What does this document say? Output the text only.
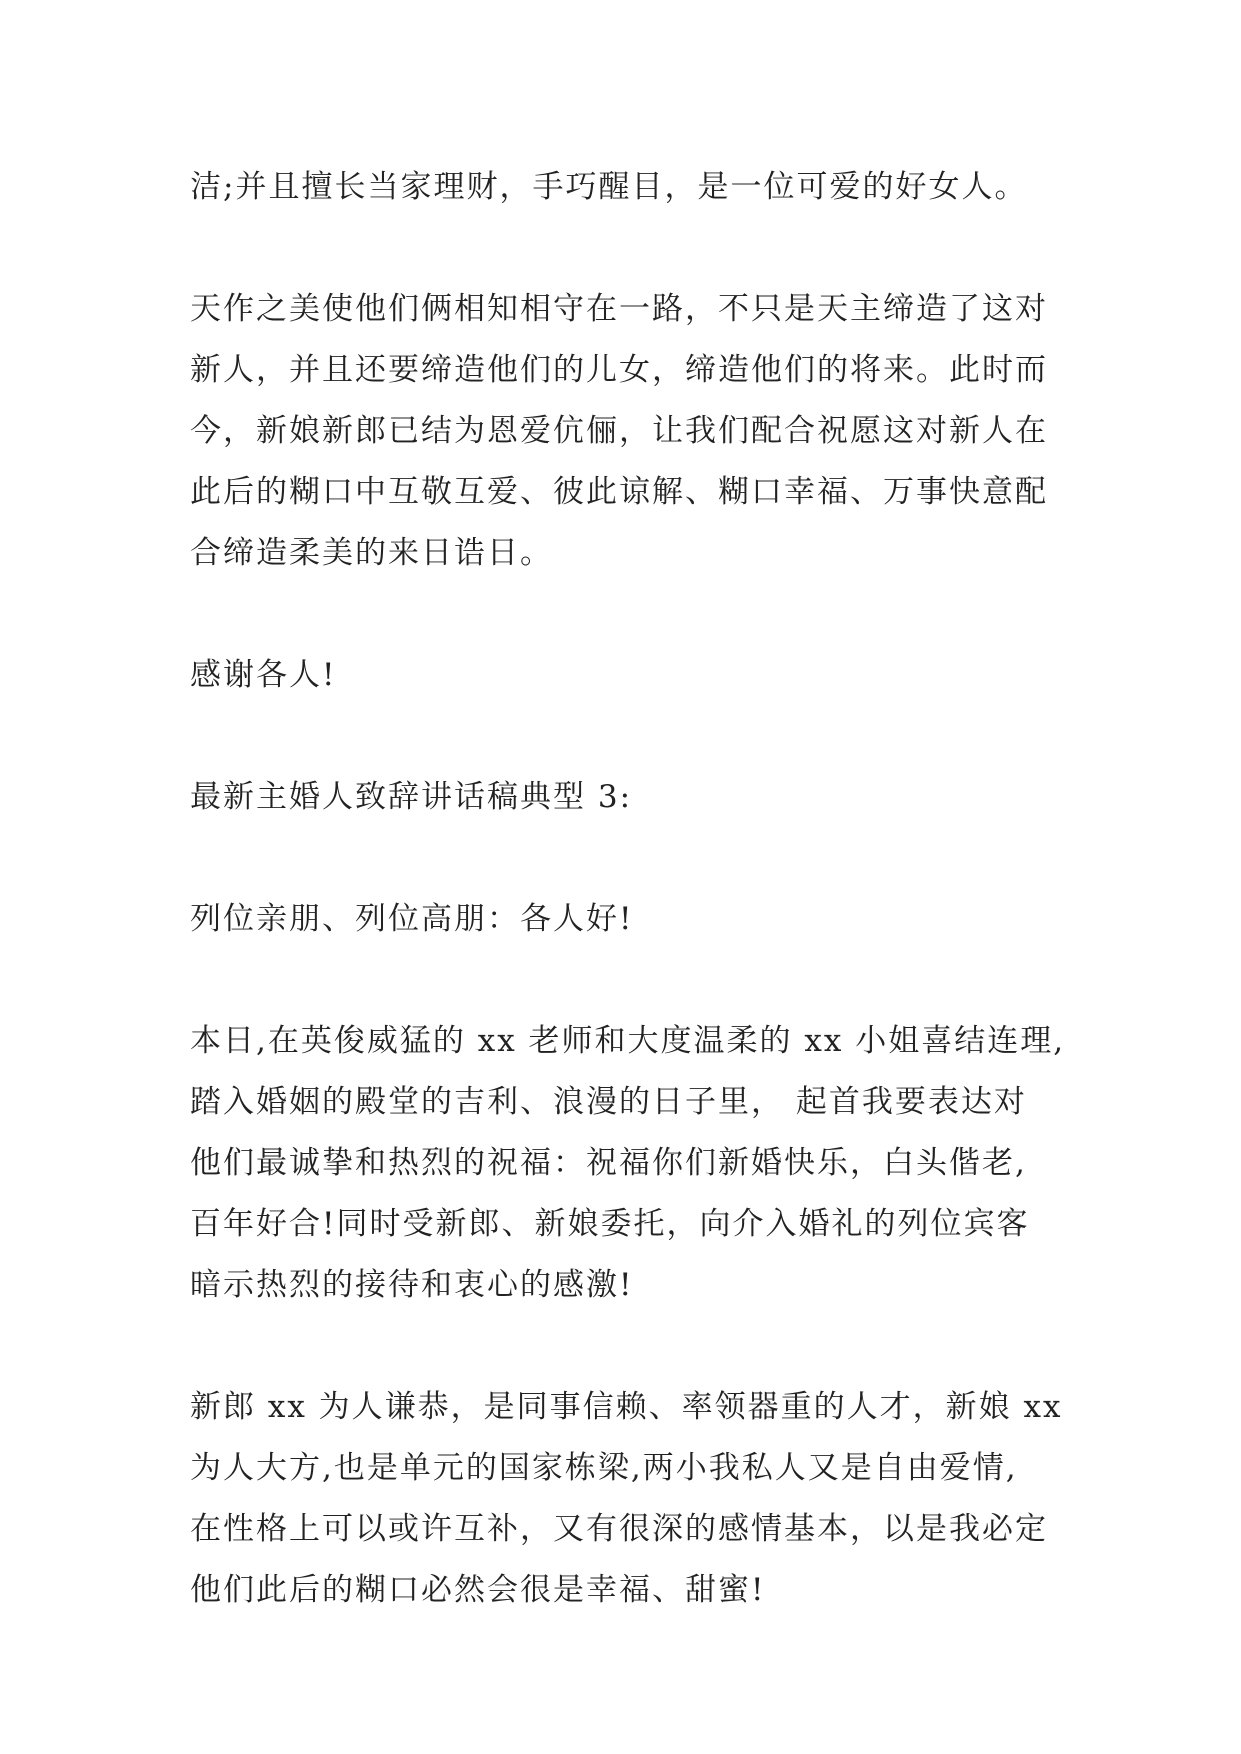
洁;并且擅长当家理财，手巧醒目，是一位可爱的好女人。
天作之美使他们俩相知相守在一路，不只是天主缔造了这对
新人，并且还要缔造他们的儿女，缔造他们的将来。此时而
今，新娘新郎已结为恩爱伉俪，让我们配合祝愿这对新人在
此后的糊口中互敬互爱、彼此谅解、糊口幸福、万事快意配
合缔造柔美的来日诰日。
感谢各人!
最新主婚人致辞讲话稿典型 3:
列位亲朋、列位高朋：各人好!
本日,在英俊威猛的 xx 老师和大度温柔的 xx 小姐喜结连理,
踏入婚姻的殿堂的吉利、浪漫的日子里， 起首我要表达对
他们最诚挚和热烈的祝福：祝福你们新婚快乐，白头偕老,
百年好合!同时受新郎、新娘委托，向介入婚礼的列位宾客
暗示热烈的接待和衷心的感激!
新郎 xx 为人谦恭，是同事信赖、率领器重的人才，新娘 xx
为人大方,也是单元的国家栋梁,两小我私人又是自由爱情,
在性格上可以或许互补，又有很深的感情基本，以是我必定
他们此后的糊口必然会很是幸福、甜蜜!
